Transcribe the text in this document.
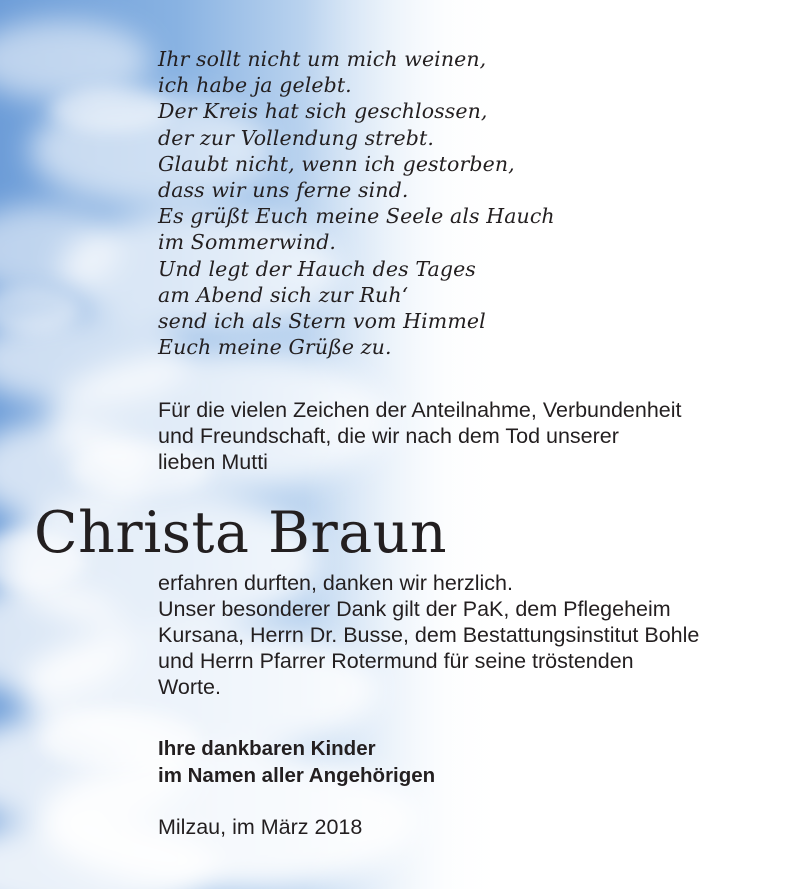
Ihr sollt nicht um mich weinen,
ich habe ja gelebt.
Der Kreis hat sich geschlossen,
der zur Vollendung strebt.
Glaubt nicht, wenn ich gestorben,
dass wir uns ferne sind.
Es grüßt Euch meine Seele als Hauch
im Sommerwind.
Und legt der Hauch des Tages
am Abend sich zur Ruh‘
send ich als Stern vom Himmel
Euch meine Grüße zu.
Für die vielen Zeichen der Anteilnahme, Verbundenheit
und Freundschaft, die wir nach dem Tod unserer
lieben Mutti
Christa Braun
erfahren durften, danken wir herzlich.
Unser besonderer Dank gilt der PaK, dem Pflegeheim
Kursana, Herrn Dr. Busse, dem Bestattungsinstitut Bohle
und Herrn Pfarrer Rotermund für seine tröstenden
Worte.
Ihre dankbaren Kinder
im Namen aller Angehörigen
Milzau, im März 2018
